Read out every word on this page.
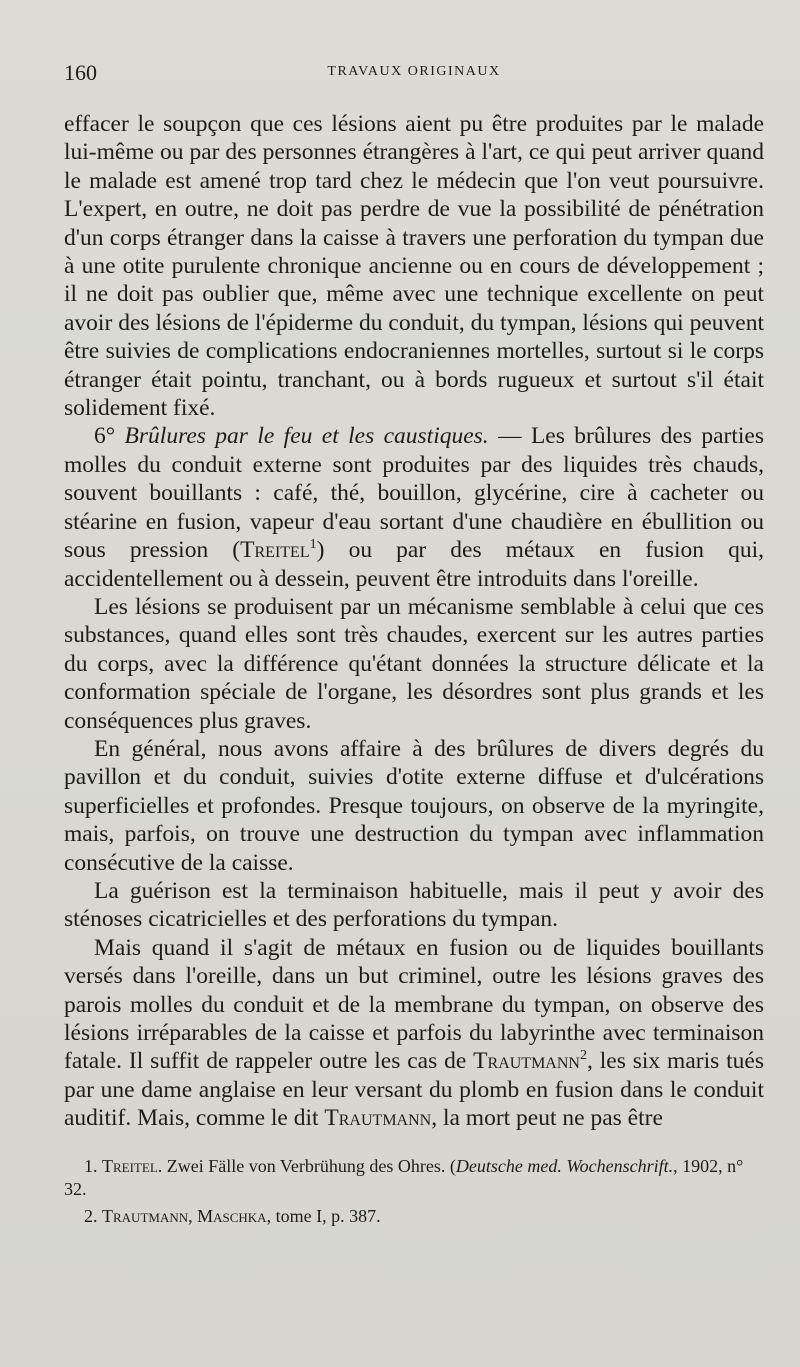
160	TRAVAUX ORIGINAUX

effacer le soupçon que ces lésions aient pu être produites par le malade lui-même ou par des personnes étrangères à l'art, ce qui peut arriver quand le malade est amené trop tard chez le médecin que l'on veut poursuivre. L'expert, en outre, ne doit pas perdre de vue la possibilité de pénétration d'un corps étranger dans la caisse à travers une perforation du tympan due à une otite purulente chronique ancienne ou en cours de développement ; il ne doit pas oublier que, même avec une technique excellente on peut avoir des lésions de l'épiderme du conduit, du tympan, lésions qui peuvent être suivies de complications endocraniennes mortelles, surtout si le corps étranger était pointu, tranchant, ou à bords rugueux et surtout s'il était solidement fixé.

6° Brûlures par le feu et les caustiques. — Les brûlures des parties molles du conduit externe sont produites par des liquides très chauds, souvent bouillants : café, thé, bouillon, glycérine, cire à cacheter ou stéarine en fusion, vapeur d'eau sortant d'une chaudière en ébullition ou sous pression (Treitel$^1$) ou par des métaux en fusion qui, accidentellement ou à dessein, peuvent être introduits dans l'oreille.

Les lésions se produisent par un mécanisme semblable à celui que ces substances, quand elles sont très chaudes, exercent sur les autres parties du corps, avec la différence qu'étant données la structure délicate et la conformation spéciale de l'organe, les désordres sont plus grands et les conséquences plus graves.

En général, nous avons affaire à des brûlures de divers degrés du pavillon et du conduit, suivies d'otite externe diffuse et d'ulcérations superficielles et profondes. Presque toujours, on observe de la myringite, mais, parfois, on trouve une destruction du tympan avec inflammation consécutive de la caisse.

La guérison est la terminaison habituelle, mais il peut y avoir des sténoses cicatricielles et des perforations du tympan.

Mais quand il s'agit de métaux en fusion ou de liquides bouillants versés dans l'oreille, dans un but criminel, outre les lésions graves des parois molles du conduit et de la membrane du tympan, on observe des lésions irréparables de la caisse et parfois du labyrinthe avec terminaison fatale. Il suffit de rappeler outre les cas de Trautmann$^2$, les six maris tués par une dame anglaise en leur versant du plomb en fusion dans le conduit auditif. Mais, comme le dit Trautmann, la mort peut ne pas être

1. Treitel. Zwei Fälle von Verbrühung des Ohres. (Deutsche med. Wochenschrift., 1902, n° 32.

2. Trautmann, Maschka, tome I, p. 387.
